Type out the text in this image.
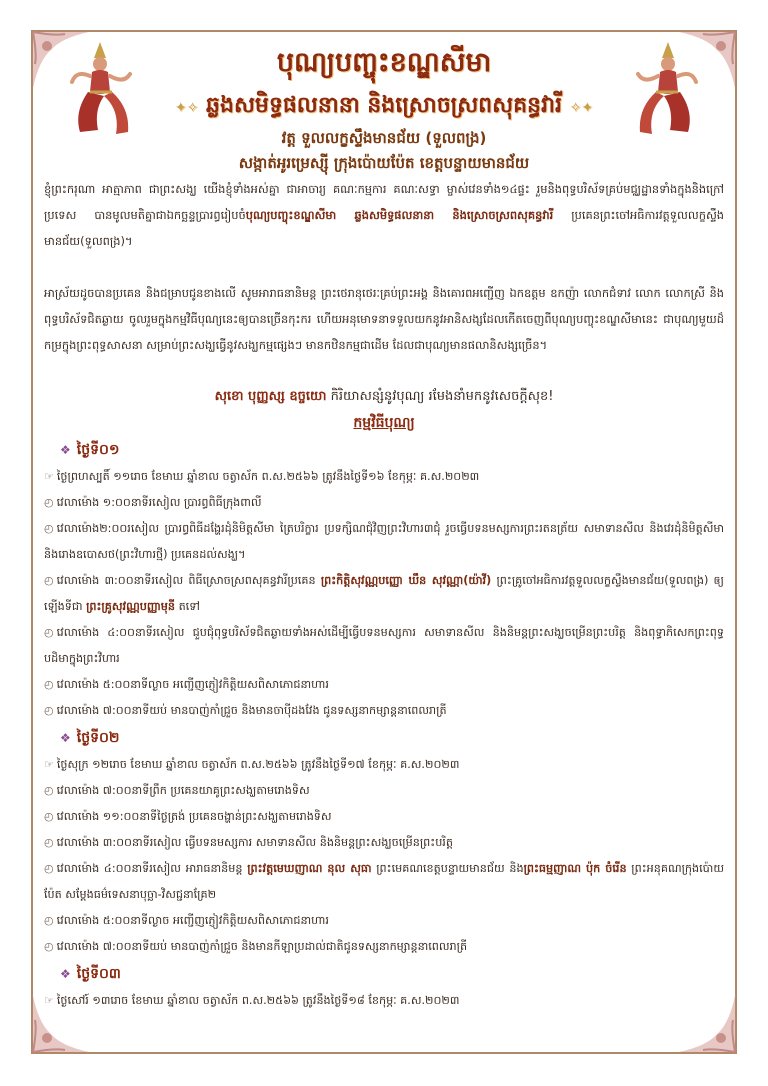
បុណ្យបញ្ចុះខណ្ឌសីមា
✦✧ ឆ្លងសមិទ្ធផលនានា និងស្រោចស្រពសុគន្ធវារី ✧✦
វត្ត ទួលលក្ខស្ទឹងមានជ័យ (ទួលពង្រ)
សង្កាត់អូរម្រេស្ស៊ី ក្រុងប៉ោយប៉ែត ខេត្តបន្ទាយមានជ័យ
ខ្ញុំព្រះករុណា អាត្មាភាព ជាព្រះសង្ឃ យើងខ្ញុំទាំងអស់គ្នា ជាអាចារ្យ គណៈកម្មការ គណៈសទ្ធា ម្ចាស់វេនទាំង១៤ផ្ទះ រួមនិងពុទ្ធបរិស័ទគ្រប់មជ្ឈដ្ឋានទាំងក្នុងនិងក្រៅប្រទេស បានមូលមតិគ្នាជាឯកច្ឆន្ទប្រារព្ធរៀបចំបុណ្យបញ្ចុះខណ្ឌសីមា ឆ្លងសមិទ្ធផលនានា និងស្រោចស្រពសុគន្ធវារី ប្រគេនព្រះចៅអធិការវត្តទួលលក្ខស្ទឹងមានជ័យ(ទួលពង្រ)។
អាស្រ័យដូចបានប្រគេន និងជម្រាបជូនខាងលើ សូមអារាធនានិមន្ត ព្រះថេរានុថេរៈគ្រប់ព្រះអង្គ និងគោរពអញ្ជើញ ឯកឧត្តម ឧកញ៉ា លោកជំទាវ លោក លោកស្រី និង ពុទ្ធបរិស័ទជិតឆ្ងាយ ចូលរួមក្នុងកម្មវិធីបុណ្យនេះឲ្យបានច្រើនកុះករ ហើយអនុមោទនាទទួលយកនូវអានិសង្សដែលកើតចេញពីបុណ្យបញ្ចុះខណ្ឌសីមានេះ ជាបុណ្យមួយដ៏កម្រក្នុងព្រះពុទ្ធសាសនា សម្រាប់ព្រះសង្ឃធ្វើនូវសង្ឃកម្មផ្សេងៗ មានកឋិនកម្មជាដើម ដែលជាបុណ្យមានផលានិសង្សច្រើន។
សុខោ បុញ្ញស្ស ឧច្ចយោ កិរិយាសន្សំនូវបុណ្យ រមែងនាំមកនូវសេចក្តីសុខ!
កម្មវិធីបុណ្យ
❖ ថ្ងៃទី០១
☞ ថ្ងៃព្រហស្បតិ៍ ១១រោច ខែមាឃ ឆ្នាំខាល ចត្វាស័ក ព.ស.២៥៦៦ ត្រូវនឹងថ្ងៃទី១៦ ខែកុម្ភៈ គ.ស.២០២៣
◴ វេលាម៉ោង ១:០០នាទីរសៀល ប្រារព្ធពិធីក្រុងពាលី
◴ វេលាម៉ោង២:០០រសៀល ប្រារព្ធពិធីដង្ហែរដុំនិមិត្តសីមា ត្រៃបរិក្ខារ ប្រទក្សិណជុំវិញព្រះវិហារ៣ជុំ រួចធ្វើបទនមស្សការព្រះរតនត្រ័យ សមាទានសីល និងវេរដុំនិមិត្តសីមា និងរោងឧបោសថ(ព្រះវិហារថ្មី) ប្រគេនដល់សង្ឃ។
◴ វេលាម៉ោង ៣:០០នាទីរសៀល ពិធីស្រោចស្រពសុគន្ធវារីប្រគេន ព្រះកិត្តិសុវណ្ណបញ្ញោ ឃឹន សុវណ្ណា(យ៉ាវី) ព្រះគ្រូចៅអធិការវត្តទួលលក្ខស្ទឹងមានជ័យ(ទួលពង្រ) ឲ្យឡើងទីជា ព្រះគ្រូសុវណ្ណបញ្ញាមុនី តទៅ
◴ វេលាម៉ោង ៤:០០នាទីរសៀល ជួបជុំពុទ្ធបរិស័ទជិតឆ្ងាយទាំងអស់ដើម្បីធ្វើបទនមស្សការ សមាទានសីល និងនិមន្តព្រះសង្ឃចម្រើនព្រះបរិត្ត និងពុទ្ធាភិសេកព្រះពុទ្ធបដិមាក្នុងព្រះវិហារ
◴ វេលាម៉ោង ៥:០០នាទីល្ងាច អញ្ជើញភ្ញៀវកិត្តិយសពិសាភោជនាហារ
◴ វេលាម៉ោង ៧:០០នាទីយប់ មានបាញ់កាំជ្រួច និងមានចាប៉ីដងវែង ជូនទស្សនាកម្សាន្តនាពេលរាត្រី
❖ ថ្ងៃទី០២
☞ ថ្ងៃសុក្រ ១២រោច ខែមាឃ ឆ្នាំខាល ចត្វាស័ក ព.ស.២៥៦៦ ត្រូវនឹងថ្ងៃទី១៧ ខែកុម្ភៈ គ.ស.២០២៣
◴ វេលាម៉ោង ៧:០០នាទីព្រឹក ប្រគេនយាគូព្រះសង្ឃតាមរោងទិស
◴ វេលាម៉ោង ១១:០០នាទីថ្ងៃត្រង់ ប្រគេនចង្ហាន់ព្រះសង្ឃតាមរោងទិស
◴ វេលាម៉ោង ៣:០០នាទីរសៀល ធ្វើបទនមស្សការ សមាទានសីល និងនិមន្តព្រះសង្ឃចម្រើនព្រះបរិត្ត
◴ វេលាម៉ោង ៤:០០នាទីរសៀល អារាធនានិមន្ត ព្រះវត្តមេឃញាណ នុល សុធា ព្រះមេគណខេត្តបន្ទាយមានជ័យ និងព្រះធម្មញាណ ប៉ុក ចំរើន ព្រះអនុគណក្រុងប៉ោយប៉ែត សម្តែងធម៌ទេសនាបុច្ឆា-វិសជ្ជនាគ្រែ២
◴ វេលាម៉ោង ៥:០០នាទីល្ងាច អញ្ជើញភ្ញៀវកិត្តិយសពិសាភោជនាហារ
◴ វេលាម៉ោង ៧:០០នាទីយប់ មានបាញ់កាំជ្រួច និងមានកីឡាប្រដាល់ជាតិជូនទស្សនាកម្សាន្តនាពេលរាត្រី
❖ ថ្ងៃទី០៣
☞ ថ្ងៃសៅរ៍ ១៣រោច ខែមាឃ ឆ្នាំខាល ចត្វាស័ក ព.ស.២៥៦៦ ត្រូវនឹងថ្ងៃទី១៨ ខែកុម្ភៈ គ.ស.២០២៣
